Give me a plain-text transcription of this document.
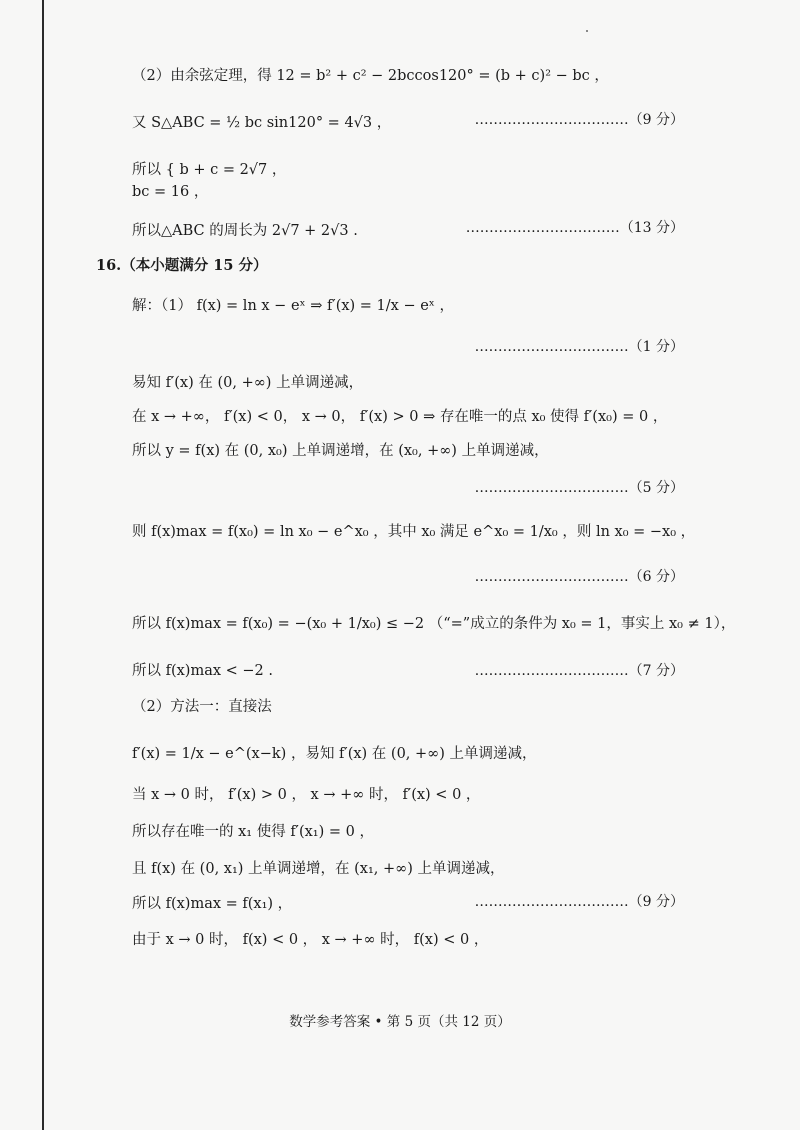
（2）由余弦定理，得 12 = b² + c² − 2bccos120° = (b + c)² − bc ，
又 S△ABC = ½ bc sin120° = 4√3 ，	……………………………（9 分）
所以 { b + c = 2√7 ，
bc = 16 ，
所以△ABC 的周长为 2√7 + 2√3 .	……………………………（13 分）
16.（本小题满分 15 分）
解：（1） f(x) = ln x − eˣ ⇒ f′(x) = 1/x − eˣ ，
……………………………（1 分）
易知 f′(x) 在 (0, +∞) 上单调递减，
在 x → +∞， f′(x) < 0， x → 0， f′(x) > 0 ⇒ 存在唯一的点 x₀ 使得 f′(x₀) = 0 ，
所以 y = f(x) 在 (0, x₀) 上单调递增，在 (x₀, +∞) 上单调递减，
……………………………（5 分）
则 f(x)max = f(x₀) = ln x₀ − e^x₀ ，其中 x₀ 满足 e^x₀ = 1/x₀ ，则 ln x₀ = −x₀ ，
……………………………（6 分）
所以 f(x)max = f(x₀) = −(x₀ + 1/x₀) ≤ −2 （“=”成立的条件为 x₀ = 1，事实上 x₀ ≠ 1），
所以 f(x)max < −2 .	……………………………（7 分）
（2）方法一：直接法
f′(x) = 1/x − e^(x−k) ，易知 f′(x) 在 (0, +∞) 上单调递减，
当 x → 0 时， f′(x) > 0 ， x → +∞ 时， f′(x) < 0 ，
所以存在唯一的 x₁ 使得 f′(x₁) = 0 ，
且 f(x) 在 (0, x₁) 上单调递增，在 (x₁, +∞) 上单调递减，
所以 f(x)max = f(x₁) ，	……………………………（9 分）
由于 x → 0 时， f(x) < 0 ， x → +∞ 时， f(x) < 0 ，
数学参考答案 • 第 5 页（共 12 页）
